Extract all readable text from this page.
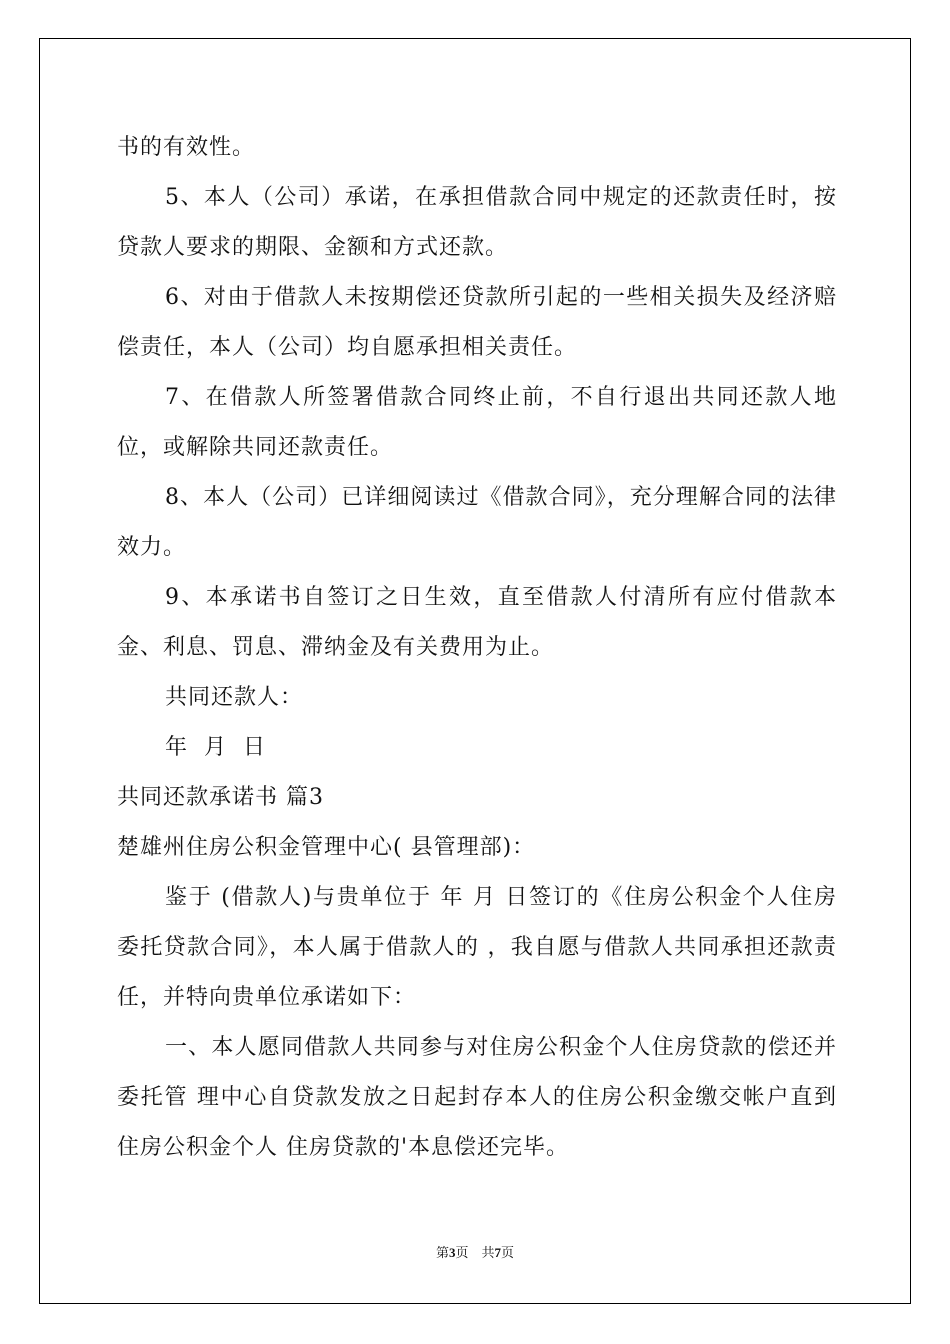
书的有效性。

5、本人（公司）承诺，在承担借款合同中规定的还款责任时，按贷款人要求的期限、金额和方式还款。

6、对由于借款人未按期偿还贷款所引起的一些相关损失及经济赔偿责任，本人（公司）均自愿承担相关责任。

7、在借款人所签署借款合同终止前，不自行退出共同还款人地位，或解除共同还款责任。

8、本人（公司）已详细阅读过《借款合同》，充分理解合同的法律效力。

9、本承诺书自签订之日生效，直至借款人付清所有应付借款本金、利息、罚息、滞纳金及有关费用为止。

共同还款人：

年 月 日

共同还款承诺书 篇3

楚雄州住房公积金管理中心( 县管理部)：

鉴于 (借款人)与贵单位于 年 月 日签订的《住房公积金个人住房委托贷款合同》，本人属于借款人的 ，我自愿与借款人共同承担还款责任，并特向贵单位承诺如下：

一、本人愿同借款人共同参与对住房公积金个人住房贷款的偿还并委托管 理中心自贷款发放之日起封存本人的住房公积金缴交帐户直到住房公积金个人 住房贷款的'本息偿还完毕。

第3页　共7页
